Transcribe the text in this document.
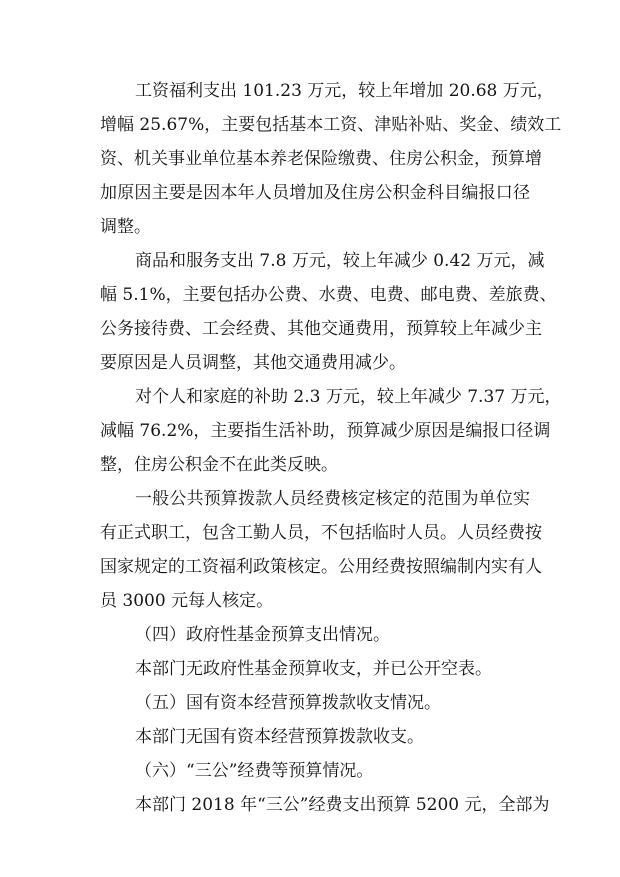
工资福利支出 101.23 万元，较上年增加 20.68 万元，
增幅 25.67%，主要包括基本工资、津贴补贴、奖金、绩效工
资、机关事业单位基本养老保险缴费、住房公积金，预算增
加原因主要是因本年人员增加及住房公积金科目编报口径
调整。
商品和服务支出 7.8 万元，较上年减少 0.42 万元，减
幅 5.1%，主要包括办公费、水费、电费、邮电费、差旅费、
公务接待费、工会经费、其他交通费用，预算较上年减少主
要原因是人员调整，其他交通费用减少。
对个人和家庭的补助 2.3 万元，较上年减少 7.37 万元，
减幅 76.2%，主要指生活补助，预算减少原因是编报口径调
整，住房公积金不在此类反映。
一般公共预算拨款人员经费核定核定的范围为单位实
有正式职工，包含工勤人员，不包括临时人员。人员经费按
国家规定的工资福利政策核定。公用经费按照编制内实有人
员 3000 元每人核定。
（四）政府性基金预算支出情况。
本部门无政府性基金预算收支，并已公开空表。
（五）国有资本经营预算拨款收支情况。
本部门无国有资本经营预算拨款收支。
（六）“三公”经费等预算情况。
本部门 2018 年“三公”经费支出预算 5200 元，全部为
